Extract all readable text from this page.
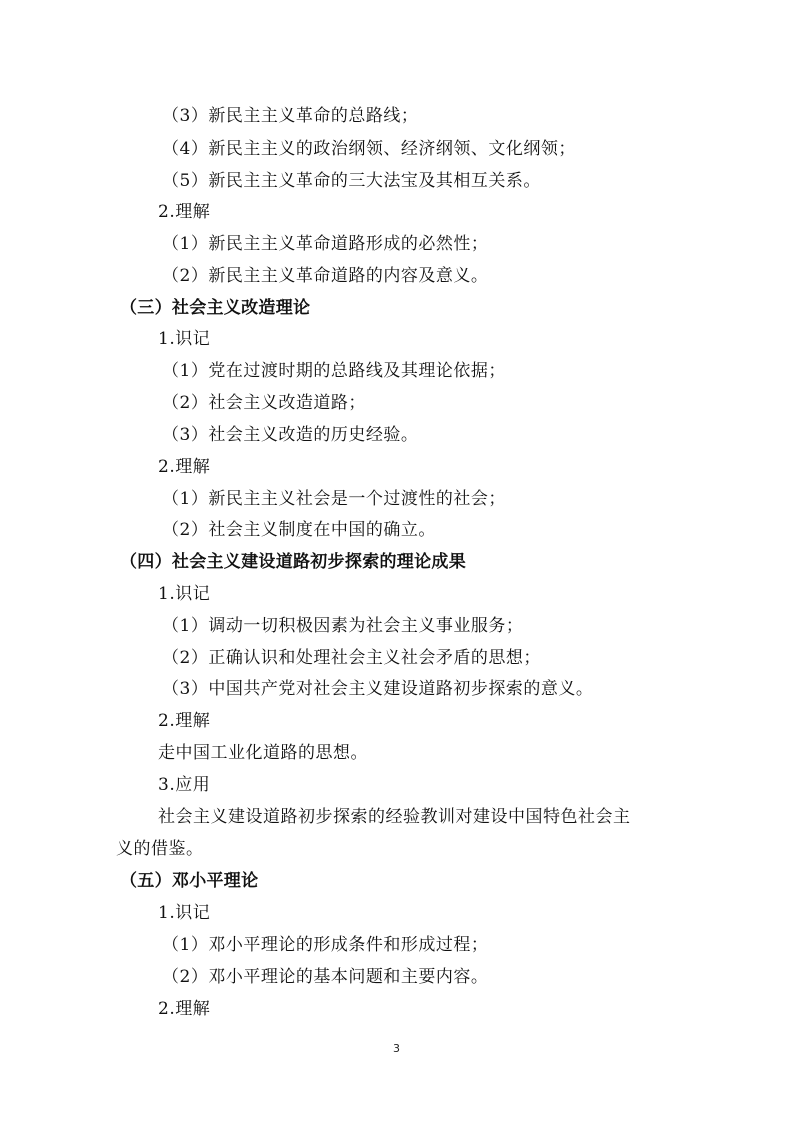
（3）新民主主义革命的总路线；
（4）新民主主义的政治纲领、经济纲领、文化纲领；
（5）新民主主义革命的三大法宝及其相互关系。
2.理解
（1）新民主主义革命道路形成的必然性；
（2）新民主主义革命道路的内容及意义。
（三）社会主义改造理论
1.识记
（1）党在过渡时期的总路线及其理论依据；
（2）社会主义改造道路；
（3）社会主义改造的历史经验。
2.理解
（1）新民主主义社会是一个过渡性的社会；
（2）社会主义制度在中国的确立。
（四）社会主义建设道路初步探索的理论成果
1.识记
（1）调动一切积极因素为社会主义事业服务；
（2）正确认识和处理社会主义社会矛盾的思想；
（3）中国共产党对社会主义建设道路初步探索的意义。
2.理解
走中国工业化道路的思想。
3.应用
社会主义建设道路初步探索的经验教训对建设中国特色社会主
义的借鉴。
（五）邓小平理论
1.识记
（1）邓小平理论的形成条件和形成过程；
（2）邓小平理论的基本问题和主要内容。
2.理解
3
